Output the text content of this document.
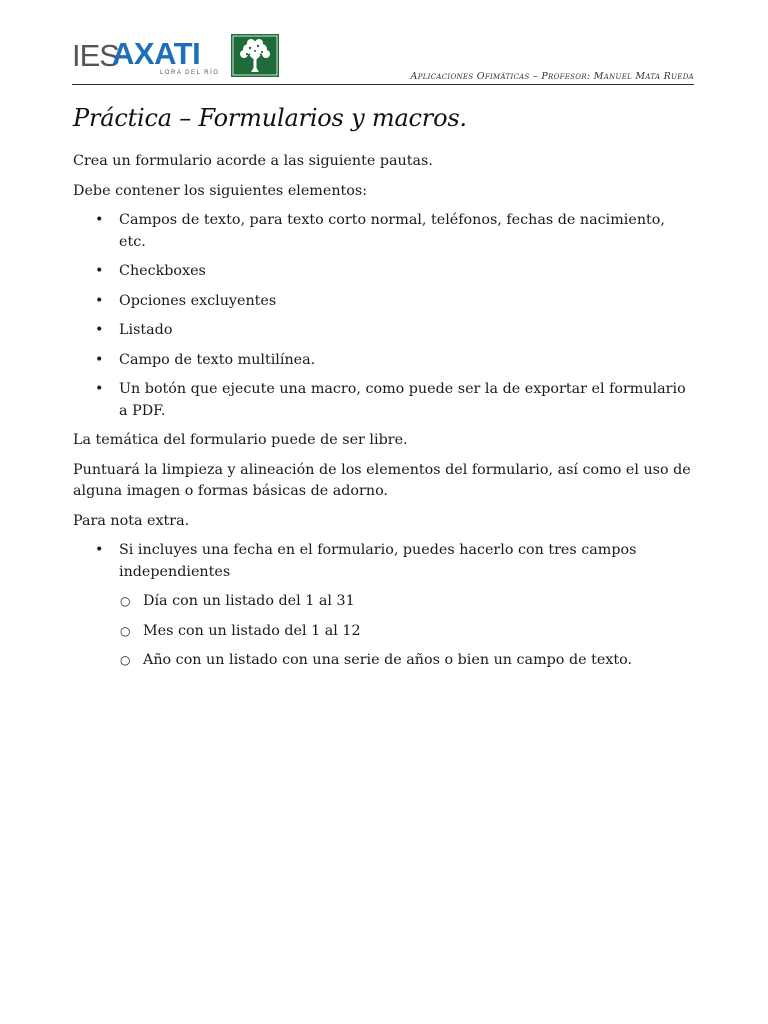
IES
AXATI
LORA DEL RÍO	Aplicaciones Ofimáticas – Profesor: Manuel Mata Rueda
Práctica – Formularios y macros.

Crea un formulario acorde a las siguiente pautas.

Debe contener los siguientes elementos:

• Campos de texto, para texto corto normal, teléfonos, fechas de nacimiento, etc.
• Checkboxes
• Opciones excluyentes
• Listado
• Campo de texto multilínea.
• Un botón que ejecute una macro, como puede ser la de exportar el formulario a PDF.

La temática del formulario puede de ser libre.

Puntuará la limpieza y alineación de los elementos del formulario, así como el uso de alguna imagen o formas básicas de adorno.

Para nota extra.

• Si incluyes una fecha en el formulario, puedes hacerlo con tres campos independientes
○ Día con un listado del 1 al 31
○ Mes con un listado del 1 al 12
○ Año con un listado con una serie de años o bien un campo de texto.
